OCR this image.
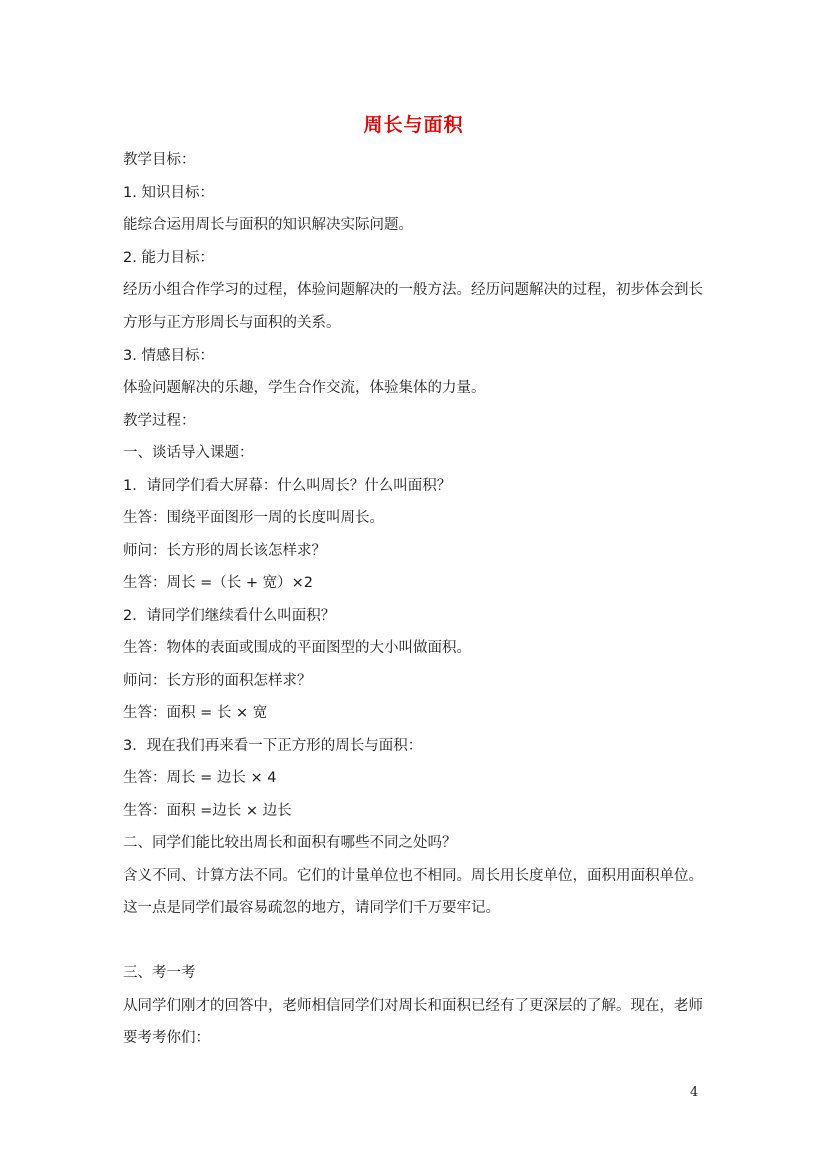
周长与面积
教学目标：
1. 知识目标：
能综合运用周长与面积的知识解决实际问题。
2. 能力目标：
经历小组合作学习的过程，体验问题解决的一般方法。经历问题解决的过程，初步体会到长
方形与正方形周长与面积的关系。
3. 情感目标：
体验问题解决的乐趣，学生合作交流，体验集体的力量。
教学过程：
一、谈话导入课题：
1．请同学们看大屏幕：什么叫周长？什么叫面积？
生答：围绕平面图形一周的长度叫周长。
师问：长方形的周长该怎样求？
生答：周长 =（长 + 宽）×2
2．请同学们继续看什么叫面积？
生答：物体的表面或围成的平面图型的大小叫做面积。
师问：长方形的面积怎样求？
生答：面积 = 长 × 宽
3．现在我们再来看一下正方形的周长与面积：
生答：周长 = 边长 × 4
生答：面积 =边长 × 边长
二、同学们能比较出周长和面积有哪些不同之处吗？
含义不同、计算方法不同。它们的计量单位也不相同。周长用长度单位，面积用面积单位。
这一点是同学们最容易疏忽的地方，请同学们千万要牢记。
三、考一考
从同学们刚才的回答中，老师相信同学们对周长和面积已经有了更深层的了解。现在，老师
要考考你们：
4
